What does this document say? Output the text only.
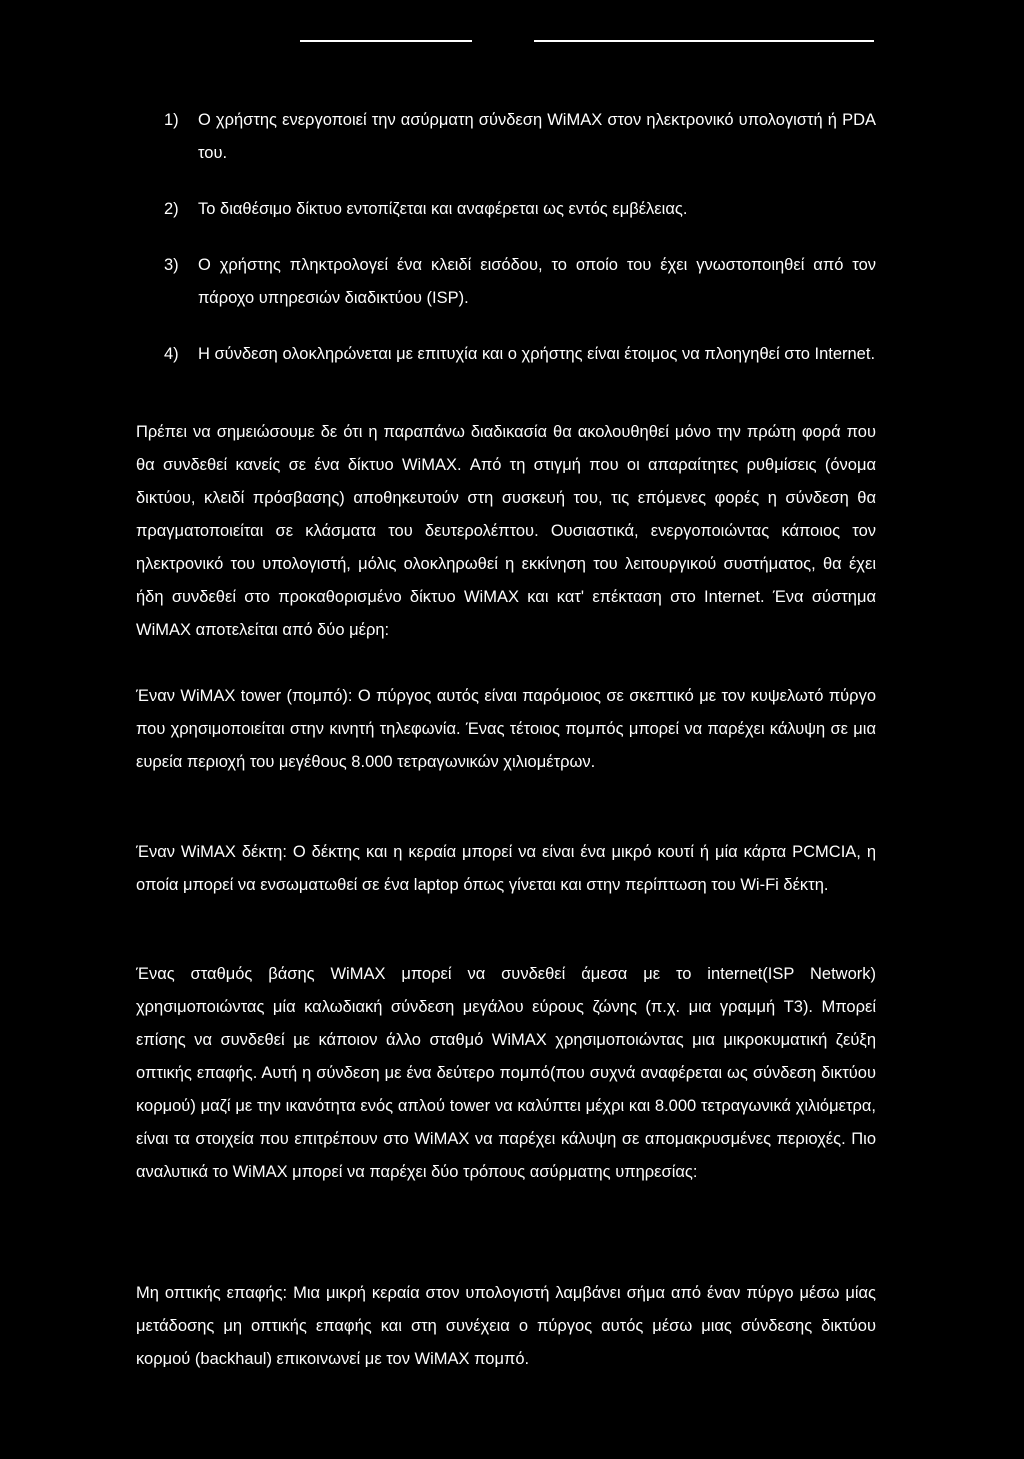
1) Ο χρήστης ενεργοποιεί την ασύρματη σύνδεση WiMAX στον ηλεκτρονικό υπολογιστή ή PDA του.
2) Το διαθέσιμο δίκτυο εντοπίζεται και αναφέρεται ως εντός εμβέλειας.
3) Ο χρήστης πληκτρολογεί ένα κλειδί εισόδου, το οποίο του έχει γνωστοποιηθεί από τον πάροχο υπηρεσιών διαδικτύου (ISP).
4) Η σύνδεση ολοκληρώνεται με επιτυχία και ο χρήστης είναι έτοιμος να πλοηγηθεί στο Internet.

Πρέπει να σημειώσουμε δε ότι η παραπάνω διαδικασία θα ακολουθηθεί μόνο την πρώτη φορά που θα συνδεθεί κανείς σε ένα δίκτυο WiMAX. Από τη στιγμή που οι απαραίτητες ρυθμίσεις (όνομα δικτύου, κλειδί πρόσβασης) αποθηκευτούν στη συσκευή του, τις επόμενες φορές η σύνδεση θα πραγματοποιείται σε κλάσματα του δευτερολέπτου. Ουσιαστικά, ενεργοποιώντας κάποιος τον ηλεκτρονικό του υπολογιστή, μόλις ολοκληρωθεί η εκκίνηση του λειτουργικού συστήματος, θα έχει ήδη συνδεθεί στο προκαθορισμένο δίκτυο WiMAX και κατ' επέκταση στο Internet. Ένα σύστημα WiMAX αποτελείται από δύο μέρη:

Έναν WiMAX tower (πομπό): Ο πύργος αυτός είναι παρόμοιος σε σκεπτικό με τον κυψελωτό πύργο που χρησιμοποιείται στην κινητή τηλεφωνία. Ένας τέτοιος πομπός μπορεί να παρέχει κάλυψη σε μια ευρεία περιοχή του μεγέθους 8.000 τετραγωνικών χιλιομέτρων.

Έναν WiMAX δέκτη: Ο δέκτης και η κεραία μπορεί να είναι ένα μικρό κουτί ή μία κάρτα PCMCIA, η οποία μπορεί να ενσωματωθεί σε ένα laptop όπως γίνεται και στην περίπτωση του Wi-Fi δέκτη.

Ένας σταθμός βάσης WiMAX μπορεί να συνδεθεί άμεσα με το internet(ISP Network) χρησιμοποιώντας μία καλωδιακή σύνδεση μεγάλου εύρους ζώνης (π.χ. μια γραμμή T3). Μπορεί επίσης να συνδεθεί με κάποιον άλλο σταθμό WiMAX χρησιμοποιώντας μια μικροκυματική ζεύξη οπτικής επαφής. Αυτή η σύνδεση με ένα δεύτερο πομπό(που συχνά αναφέρεται ως σύνδεση δικτύου κορμού) μαζί με την ικανότητα ενός απλού tower να καλύπτει μέχρι και 8.000 τετραγωνικά χιλιόμετρα, είναι τα στοιχεία που επιτρέπουν στο WiMAX να παρέχει κάλυψη σε απομακρυσμένες περιοχές. Πιο αναλυτικά το WiMAX μπορεί να παρέχει δύο τρόπους ασύρματης υπηρεσίας:

Μη οπτικής επαφής: Μια μικρή κεραία στον υπολογιστή λαμβάνει σήμα από έναν πύργο μέσω μίας μετάδοσης μη οπτικής επαφής και στη συνέχεια ο πύργος αυτός μέσω μιας σύνδεσης δικτύου κορμού (backhaul) επικοινωνεί με τον WiMAX πομπό.
